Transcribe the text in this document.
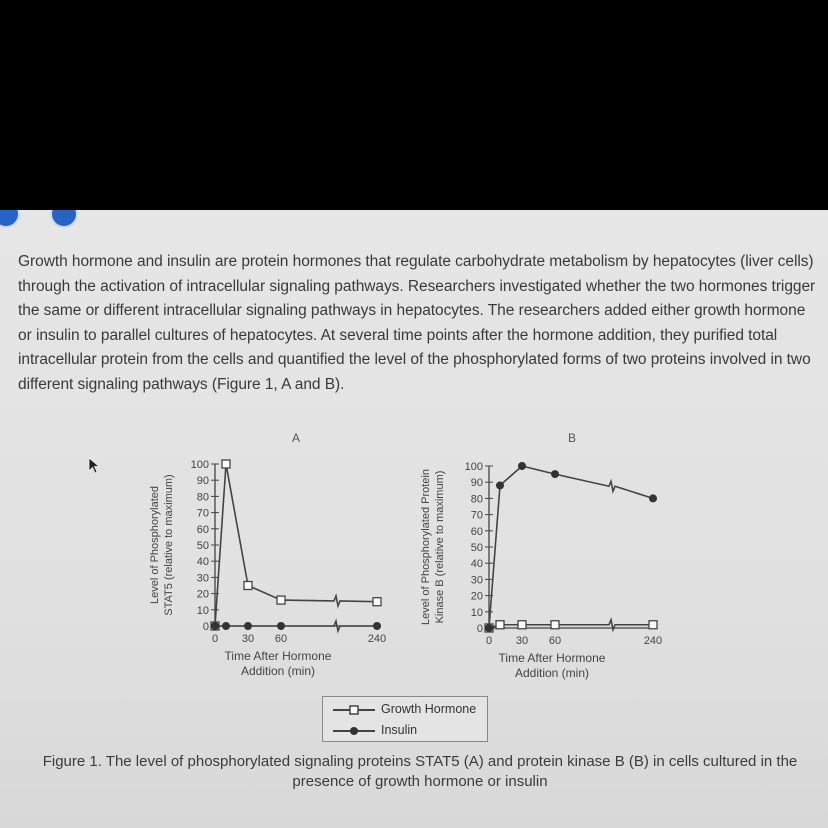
Growth hormone and insulin are protein hormones that regulate carbohydrate metabolism by hepatocytes (liver cells) through the activation of intracellular signaling pathways. Researchers investigated whether the two hormones trigger the same or different intracellular signaling pathways in hepatocytes. The researchers added either growth hormone or insulin to parallel cultures of hepatocytes. At several time points after the hormone addition, they purified total intracellular protein from the cells and quantified the level of the phosphorylated forms of two proteins involved in two different signaling pathways (Figure 1, A and B).
A
0
10
20
30
40
50
60
70
80
90
100
Level of Phosphorylated STAT5 (relative to maximum)
0 30 60	240
Time After Hormone
Addition (min)
B
0
10
20
30
40
50
60
70
80
90
100
Level of Phosphorylated Protein Kinase B (relative to maximum)
0 30 60	240
Time After Hormone
Addition (min)
Growth Hormone
Insulin
Figure 1. The level of phosphorylated signaling proteins STAT5 (A) and protein kinase B (B) in cells cultured in the presence of growth hormone or insulin
